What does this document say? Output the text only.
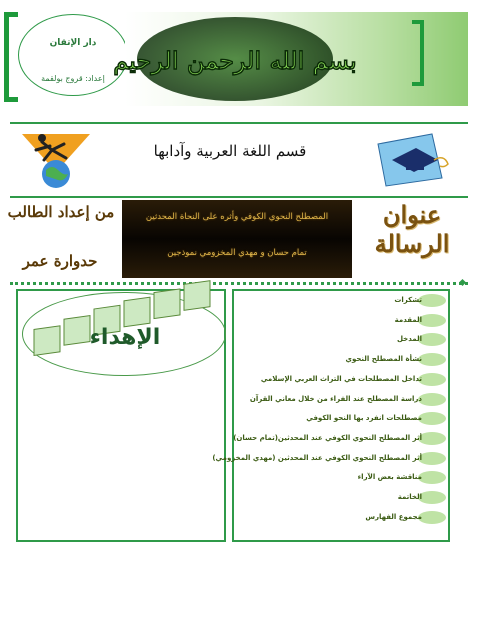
دار الإتقان
إعداد: قروج بولقمة
بسم الله الرحمن الرحيم
قسم اللغة العربية وآدابها
من إعداد الطالب
حدوارة عمر
المصطلح النحوي الكوفي وأثره على النحاة المحدثين
تمام حسان و مهدي المخزومي نموذجين
عنوان الرسالة
الإهداء
تشكرات
المقدمة
المدخل
نشأة المصطلح النحوي
تداخل المصطلحات في التراث العربي الإسلامي
دراسة المصطلح عند الفراء من خلال معاني القرآن
مصطلحات انفرد بها النحو الكوفي
أثر المصطلح النحوي الكوفي عند المحدثين(تمام حسان)
أثر المصطلح النحوي الكوفي عند المحدثين (مهدي المخزومي)
مناقشة بعض الآراء
الخاتمة
مجموع الفهارس
